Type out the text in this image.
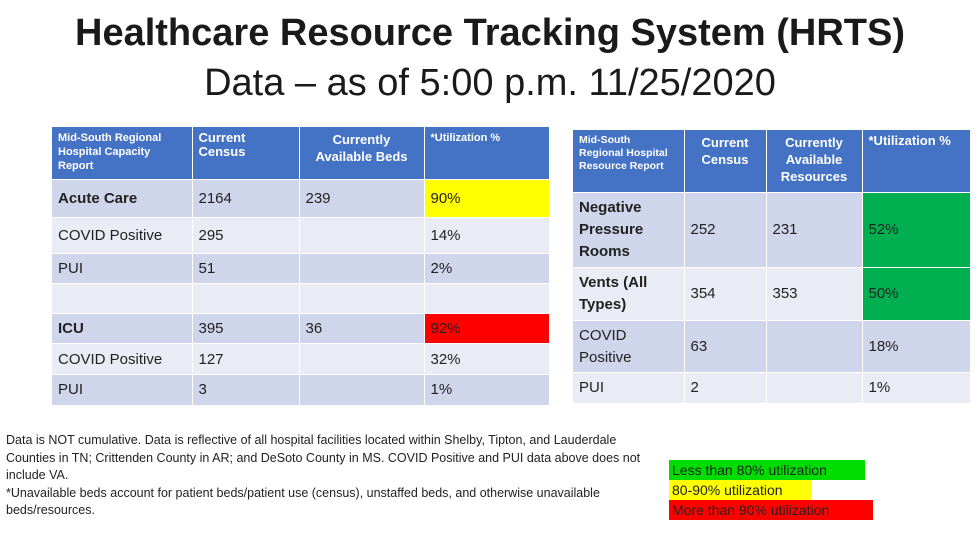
Healthcare Resource Tracking System (HRTS)
Data – as of 5:00 p.m. 11/25/2020
Mid-South Regional Hospital Capacity Report	Current Census	Currently Available Beds	*Utilization %
Acute Care	2164	239	90%
COVID Positive	295		14%
PUI	51		2%

ICU	395	36	92%
COVID Positive	127		32%
PUI	3		1%
Mid-South Regional Hospital Resource Report	Current Census	Currently Available Resources	*Utilization %
Negative Pressure Rooms	252	231	52%
Vents (All Types)	354	353	50%
COVID Positive	63		18%
PUI	2		1%

Data is NOT cumulative. Data is reflective of all hospital facilities located within Shelby, Tipton, and Lauderdale Counties in TN; Crittenden County in AR; and DeSoto County in MS. COVID Positive and PUI data above does not include VA.

*Unavailable beds account for patient beds/patient use (census), unstaffed beds, and otherwise unavailable beds/resources.

Less than 80% utilization
80-90% utilization
More than 90% utilization
